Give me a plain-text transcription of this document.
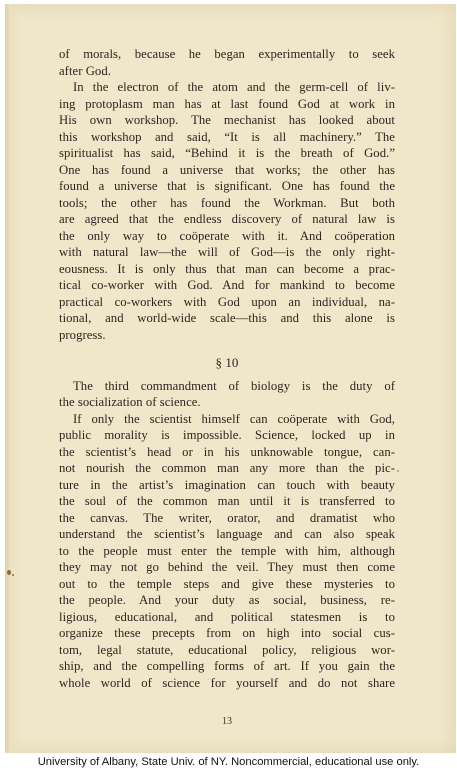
of morals, because he began experimentally to seek
after God.
In the electron of the atom and the germ-cell of liv-
ing protoplasm man has at last found God at work in
His own workshop. The mechanist has looked about
this workshop and said, “It is all machinery.” The
spiritualist has said, “Behind it is the breath of God.”
One has found a universe that works; the other has
found a universe that is significant. One has found the
tools; the other has found the Workman. But both
are agreed that the endless discovery of natural law is
the only way to coöperate with it. And coöperation
with natural law—the will of God—is the only right-
eousness. It is only thus that man can become a prac-
tical co-worker with God. And for mankind to become
practical co-workers with God upon an individual, na-
tional, and world-wide scale—this and this alone is
progress.
§ 10
The third commandment of biology is the duty of
the socialization of science.
If only the scientist himself can coöperate with God,
public morality is impossible. Science, locked up in
the scientist’s head or in his unknowable tongue, can-
not nourish the common man any more than the pic-
ture in the artist’s imagination can touch with beauty
the soul of the common man until it is transferred to
the canvas. The writer, orator, and dramatist who
understand the scientist’s language and can also speak
to the people must enter the temple with him, although
they may not go behind the veil. They must then come
out to the temple steps and give these mysteries to
the people. And your duty as social, business, re-
ligious, educational, and political statesmen is to
organize these precepts from on high into social cus-
tom, legal statute, educational policy, religious wor-
ship, and the compelling forms of art. If you gain the
whole world of science for yourself and do not share
13
University of Albany, State Univ. of NY. Noncommercial, educational use only.
